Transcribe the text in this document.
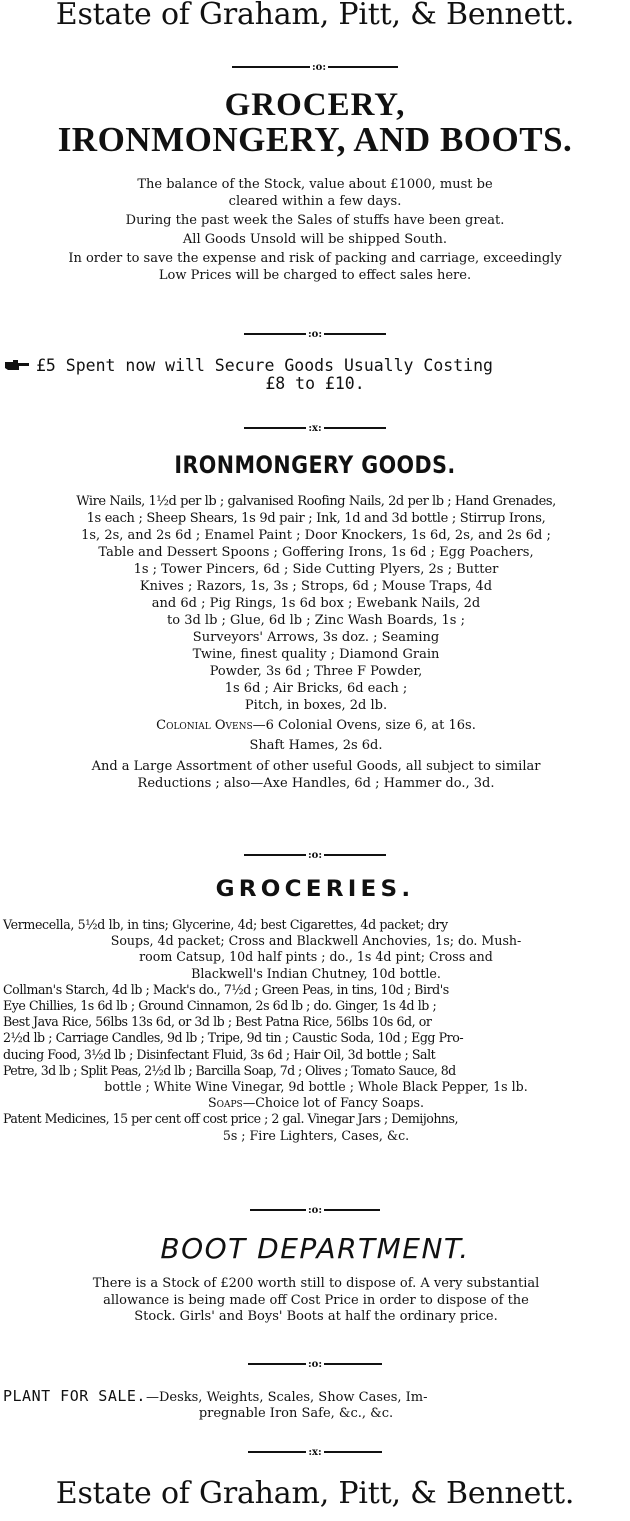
Estate of Graham, Pitt, & Bennett.
:o:
GROCERY,
IRONMONGERY, AND BOOTS.
The balance of the Stock, value about £1000, must be
cleared within a few days.
During the past week the Sales of stuffs have been great.
All Goods Unsold will be shipped South.
In order to save the expense and risk of packing and carriage, exceedingly
Low Prices will be charged to effect sales here.
:o:
£5 Spent now will Secure Goods Usually Costing
£8 to £10.
:x:
IRONMONGERY GOODS.
Wire Nails, 1½d per lb ; galvanised Roofing Nails, 2d per lb ; Hand Grenades,
1s each ; Sheep Shears, 1s 9d pair ; Ink, 1d and 3d bottle ; Stirrup Irons,
1s, 2s, and 2s 6d ; Enamel Paint ; Door Knockers, 1s 6d, 2s, and 2s 6d ;
Table and Dessert Spoons ; Goffering Irons, 1s 6d ; Egg Poachers,
1s ; Tower Pincers, 6d ; Side Cutting Plyers, 2s ; Butter
Knives ; Razors, 1s, 3s ; Strops, 6d ; Mouse Traps, 4d
and 6d ; Pig Rings, 1s 6d box ; Ewebank Nails, 2d
to 3d lb ; Glue, 6d lb ; Zinc Wash Boards, 1s ;
Surveyors' Arrows, 3s doz. ; Seaming
Twine, finest quality ; Diamond Grain
Powder, 3s 6d ; Three F Powder,
1s 6d ; Air Bricks, 6d each ;
Pitch, in boxes, 2d lb.
Colonial Ovens—6 Colonial Ovens, size 6, at 16s.
Shaft Hames, 2s 6d.
And a Large Assortment of other useful Goods, all subject to similar
Reductions ; also—Axe Handles, 6d ; Hammer do., 3d.
:o:
GROCERIES.
Vermecella, 5½d lb, in tins; Glycerine, 4d; best Cigarettes, 4d packet; dry
Soups, 4d packet; Cross and Blackwell Anchovies, 1s; do. Mush-
room Catsup, 10d half pints ; do., 1s 4d pint; Cross and
Blackwell's Indian Chutney, 10d bottle.
Collman's Starch, 4d lb ; Mack's do., 7½d ; Green Peas, in tins, 10d ; Bird's
Eye Chillies, 1s 6d lb ; Ground Cinnamon, 2s 6d lb ; do. Ginger, 1s 4d lb ;
Best Java Rice, 56lbs 13s 6d, or 3d lb ; Best Patna Rice, 56lbs 10s 6d, or
2½d lb ; Carriage Candles, 9d lb ; Tripe, 9d tin ; Caustic Soda, 10d ; Egg Pro-
ducing Food, 3½d lb ; Disinfectant Fluid, 3s 6d ; Hair Oil, 3d bottle ; Salt
Petre, 3d lb ; Split Peas, 2½d lb ; Barcilla Soap, 7d ; Olives ; Tomato Sauce, 8d
bottle ; White Wine Vinegar, 9d bottle ; Whole Black Pepper, 1s lb.
Soaps—Choice lot of Fancy Soaps.
Patent Medicines, 15 per cent off cost price ; 2 gal. Vinegar Jars ; Demijohns,
5s ; Fire Lighters, Cases, &c.
:o:
BOOT DEPARTMENT.
There is a Stock of £200 worth still to dispose of. A very substantial
allowance is being made off Cost Price in order to dispose of the
Stock. Girls' and Boys' Boots at half the ordinary price.
:o:
PLANT FOR SALE.—Desks, Weights, Scales, Show Cases, Im-
pregnable Iron Safe, &c., &c.
:x:
Estate of Graham, Pitt, & Bennett.
